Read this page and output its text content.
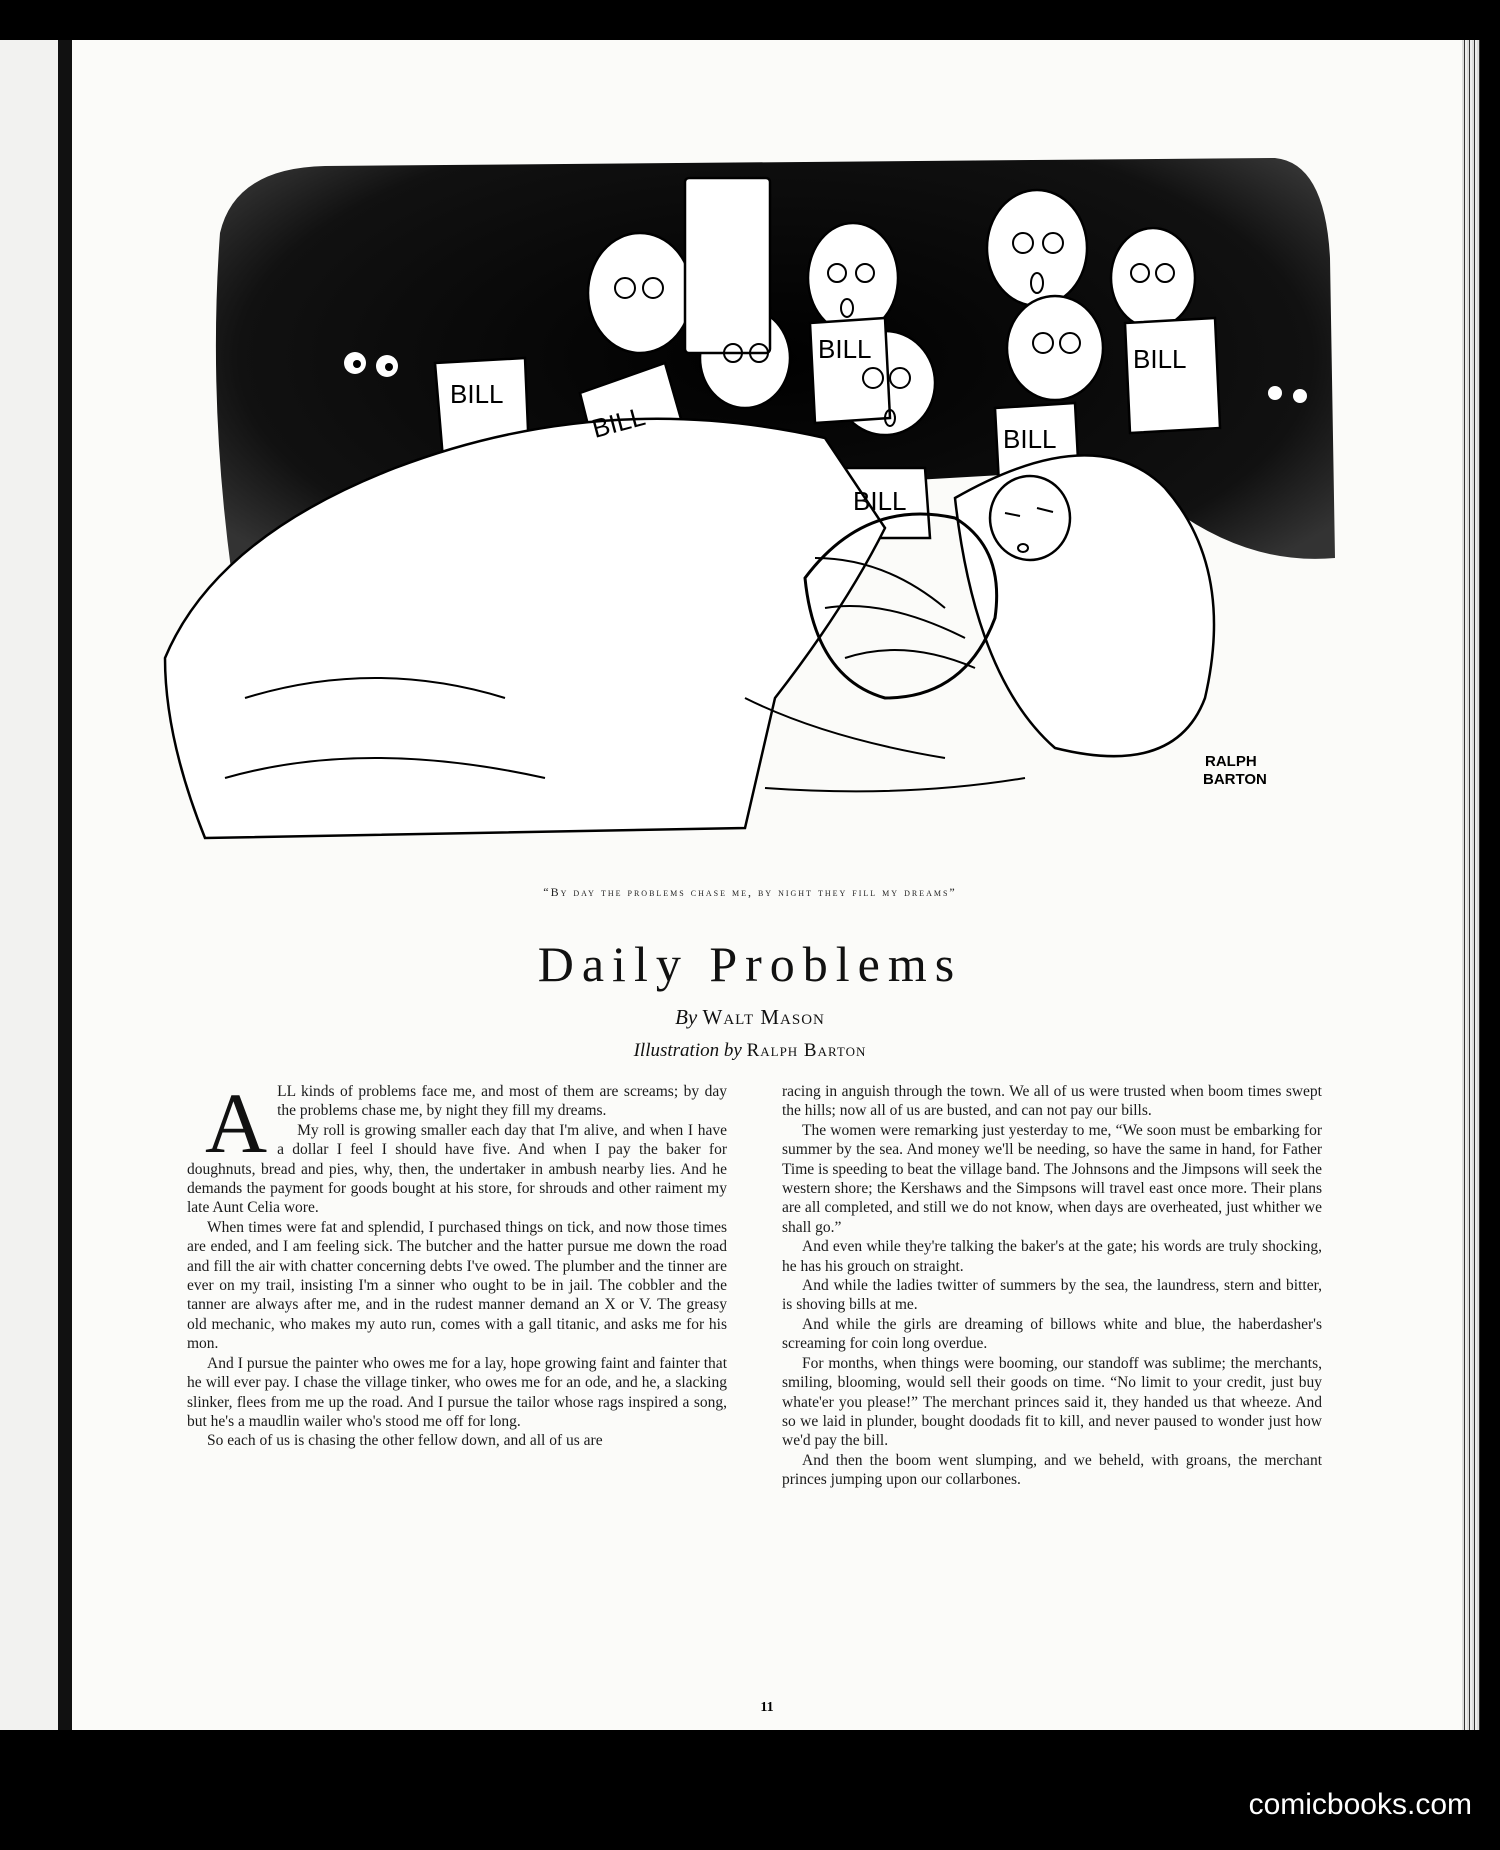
BILL
BILL
BILL	BILL
BILL
BILL
RALPH
BARTON
“By day the problems chase me, by night they fill my dreams”
Daily Problems
By Walt Mason
Illustration by Ralph Barton
A LL kinds of problems face me, and most of them are screams; by day the problems chase me, by night they fill my dreams.

My roll is growing smaller each day that I'm alive, and when I have a dollar I feel I should have five. And when I pay the baker for doughnuts, bread and pies, why, then, the undertaker in ambush nearby lies. And he demands the payment for goods bought at his store, for shrouds and other raiment my late Aunt Celia wore.

When times were fat and splendid, I purchased things on tick, and now those times are ended, and I am feeling sick. The butcher and the hatter pursue me down the road and fill the air with chatter concerning debts I've owed. The plumber and the tinner are ever on my trail, insisting I'm a sinner who ought to be in jail. The cobbler and the tanner are always after me, and in the rudest manner demand an X or V. The greasy old mechanic, who makes my auto run, comes with a gall titanic, and asks me for his mon.

And I pursue the painter who owes me for a lay, hope growing faint and fainter that he will ever pay. I chase the village tinker, who owes me for an ode, and he, a slacking slinker, flees from me up the road. And I pursue the tailor whose rags inspired a song, but he's a maudlin wailer who's stood me off for long.

So each of us is chasing the other fellow down, and all of us are

racing in anguish through the town. We all of us were trusted when boom times swept the hills; now all of us are busted, and can not pay our bills.

The women were remarking just yesterday to me, “We soon must be embarking for summer by the sea. And money we'll be needing, so have the same in hand, for Father Time is speeding to beat the village band. The Johnsons and the Jimpsons will seek the western shore; the Kershaws and the Simpsons will travel east once more. Their plans are all completed, and still we do not know, when days are overheated, just whither we shall go.”

And even while they're talking the baker's at the gate; his words are truly shocking, he has his grouch on straight.

And while the ladies twitter of summers by the sea, the laundress, stern and bitter, is shoving bills at me.

And while the girls are dreaming of billows white and blue, the haberdasher's screaming for coin long overdue.

For months, when things were booming, our standoff was sublime; the merchants, smiling, blooming, would sell their goods on time. “No limit to your credit, just buy whate'er you please!” The merchant princes said it, they handed us that wheeze. And so we laid in plunder, bought doodads fit to kill, and never paused to wonder just how we'd pay the bill.

And then the boom went slumping, and we beheld, with groans, the merchant princes jumping upon our collarbones.

11
comicbooks.com
